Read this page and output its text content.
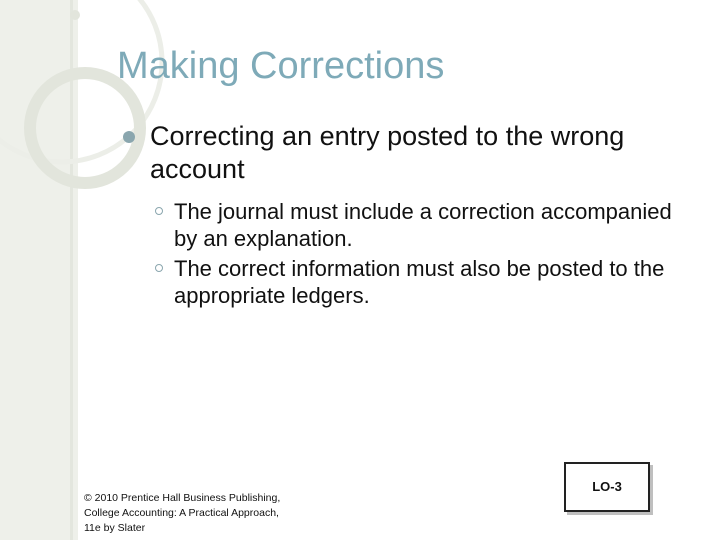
Making Corrections
Correcting an entry posted to the wrong account
The journal must include a correction accompanied by an explanation.
The correct information must also be posted to the appropriate ledgers.
© 2010 Prentice Hall Business Publishing,
College Accounting: A Practical Approach,
11e by Slater
LO-3
